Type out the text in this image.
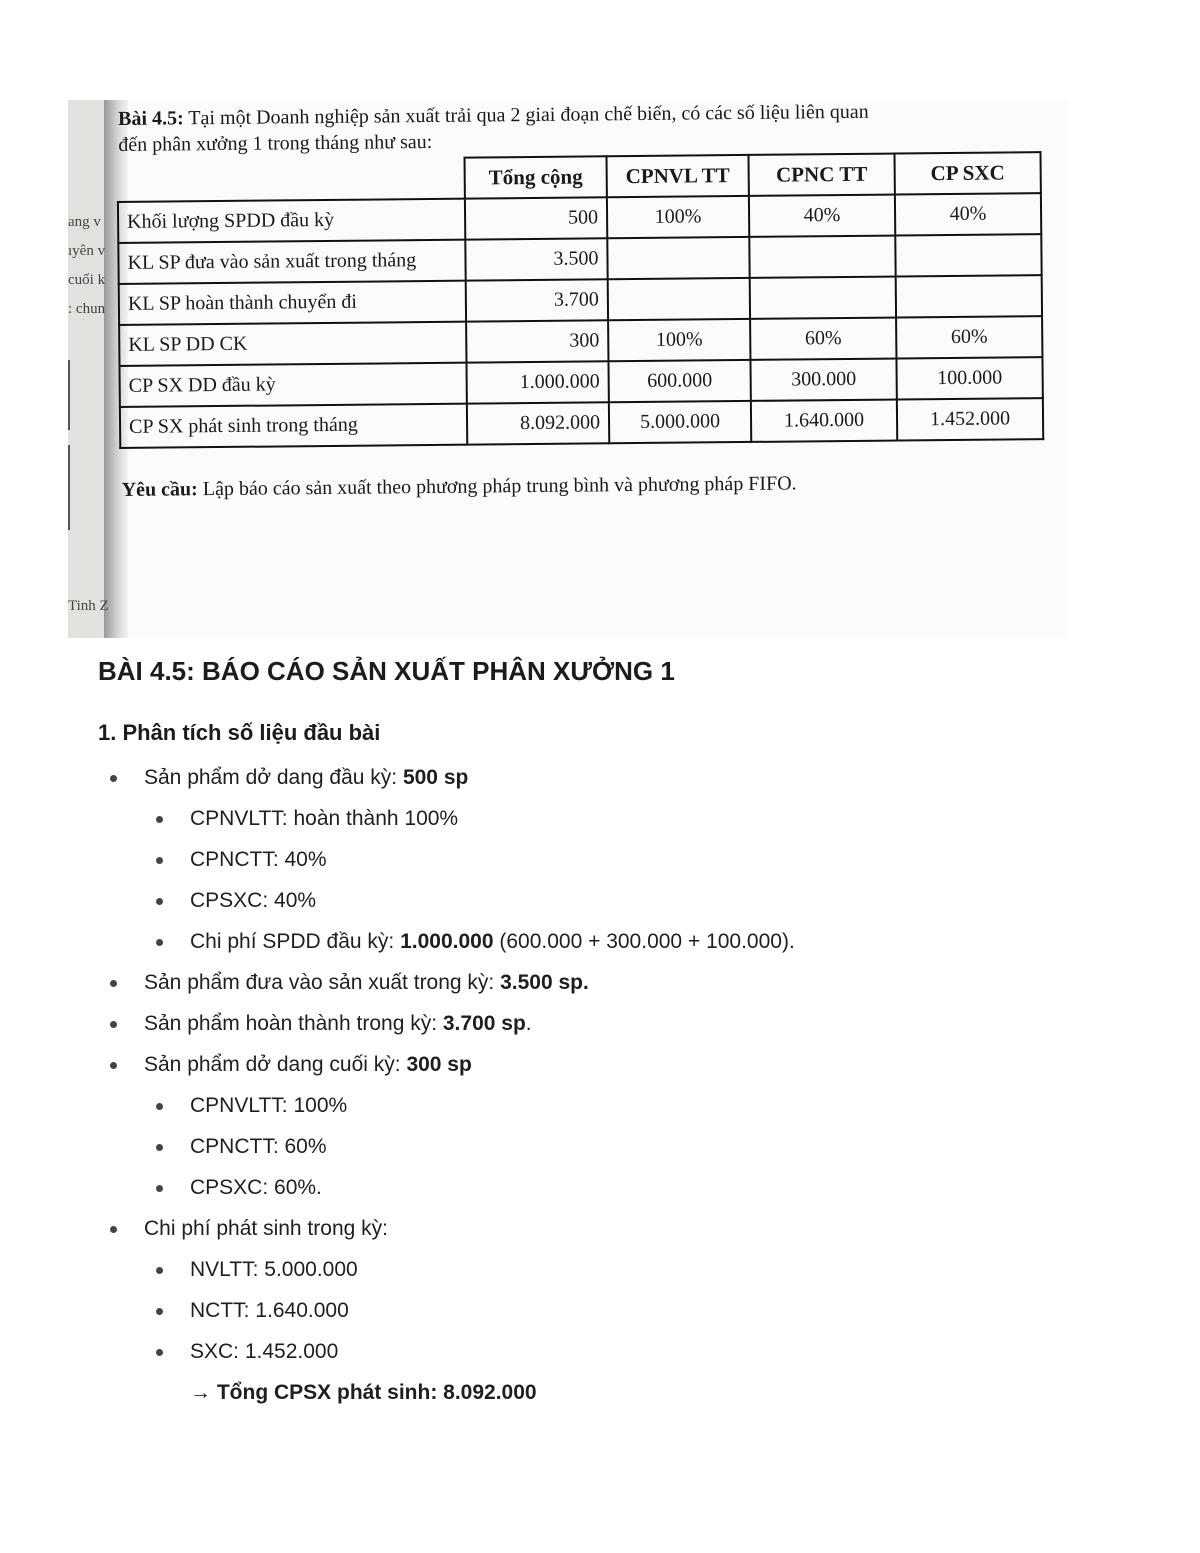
ang v
ıyên v
cuối k
: chun
Tinh Z

Bài 4.5: Tại một Doanh nghiệp sản xuất trải qua 2 giai đoạn chế biến, có các số liệu liên quan
đến phân xưởng 1 trong tháng như sau:

	Tổng cộng	CPNVL TT	CPNC TT	CP SXC
Khối lượng SPDD đầu kỳ	500	100%	40%	40%
KL SP đưa vào sản xuất trong tháng	3.500			
KL SP hoàn thành chuyển đi	3.700			
KL SP DD CK	300	100%	60%	60%
CP SX DD đầu kỳ	1.000.000	600.000	300.000	100.000
CP SX phát sinh trong tháng	8.092.000	5.000.000	1.640.000	1.452.000

Yêu cầu: Lập báo cáo sản xuất theo phương pháp trung bình và phương pháp FIFO.

BÀI 4.5: BÁO CÁO SẢN XUẤT PHÂN XƯỞNG 1
1. Phân tích số liệu đầu bài
Sản phẩm dở dang đầu kỳ: 500 sp
CPNVLTT: hoàn thành 100%
CPNCTT: 40%
CPSXC: 40%
Chi phí SPDD đầu kỳ: 1.000.000 (600.000 + 300.000 + 100.000).
Sản phẩm đưa vào sản xuất trong kỳ: 3.500 sp.
Sản phẩm hoàn thành trong kỳ: 3.700 sp.
Sản phẩm dở dang cuối kỳ: 300 sp
CPNVLTT: 100%
CPNCTT: 60%
CPSXC: 60%.
Chi phí phát sinh trong kỳ:
NVLTT: 5.000.000
NCTT: 1.640.000
SXC: 1.452.000
→ Tổng CPSX phát sinh: 8.092.000
